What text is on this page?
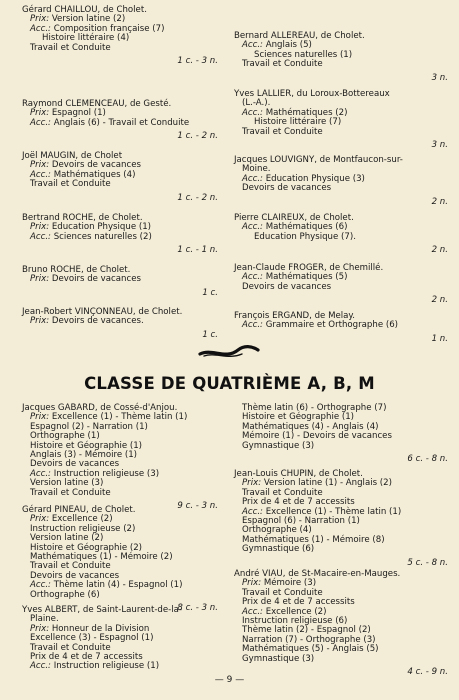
Gérard CHAILLOU, de Cholet.
Prix: Version latine (2)
Acc.: Composition française (7)
Histoire littéraire (4)
Travail et Conduite
1 c. - 3 n.
Raymond CLEMENCEAU, de Gesté.
Prix: Espagnol (1)
Acc.: Anglais (6) - Travail et Conduite
1 c. - 2 n.
Joël MAUGIN, de Cholet
Prix: Devoirs de vacances
Acc.: Mathématiques (4)
Travail et Conduite
1 c. - 2 n.
Bertrand ROCHE, de Cholet.
Prix: Education Physique (1)
Acc.: Sciences naturelles (2)
1 c. - 1 n.
Bruno ROCHE, de Cholet.
Prix: Devoirs de vacances
1 c.
Jean-Robert VINÇONNEAU, de Cholet.
Prix: Devoirs de vacances.
1 c.
Bernard ALLEREAU, de Cholet.
Acc.: Anglais (5)
Sciences naturelles (1)
Travail et Conduite
3 n.
Yves LALLIER, du Loroux-Bottereaux
(L.-A.).
Acc.: Mathématiques (2)
Histoire littéraire (7)
Travail et Conduite
3 n.
Jacques LOUVIGNY, de Montfaucon-sur-
Moine.
Acc.: Education Physique (3)
Devoirs de vacances
2 n.
Pierre CLAIREUX, de Cholet.
Acc.: Mathématiques (6)
Education Physique (7).
2 n.
Jean-Claude FROGER, de Chemillé.
Acc.: Mathématiques (5)
Devoirs de vacances
2 n.
François ERGAND, de Melay.
Acc.: Grammaire et Orthographe (6)
1 n.
CLASSE DE QUATRIÈME A, B, M
Jacques GABARD, de Cossé-d'Anjou.
Prix: Excellence (1) - Thème latin (1)
Espagnol (2) - Narration (1)
Orthographe (1)
Histoire et Géographie (1)
Anglais (3) - Mémoire (1)
Devoirs de vacances
Acc.: Instruction religieuse (3)
Version latine (3)
Travail et Conduite
9 c. - 3 n.
Gérard PINEAU, de Cholet.
Prix: Excellence (2)
Instruction religieuse (2)
Version latine (2)
Histoire et Géographie (2)
Mathématiques (1) - Mémoire (2)
Travail et Conduite
Devoirs de vacances
Acc.: Thème latin (4) - Espagnol (1)
Orthographe (6)
8 c. - 3 n.
Yves ALBERT, de Saint-Laurent-de-la-
Plaine.
Prix: Honneur de la Division
Excellence (3) - Espagnol (1)
Travail et Conduite
Prix de 4 et de 7 accessits
Acc.: Instruction religieuse (1)
Thème latin (6) - Orthographe (7)
Histoire et Géographie (1)
Mathématiques (4) - Anglais (4)
Mémoire (1) - Devoirs de vacances
Gymnastique (3)
6 c. - 8 n.
Jean-Louis CHUPIN, de Cholet.
Prix: Version latine (1) - Anglais (2)
Travail et Conduite
Prix de 4 et de 7 accessits
Acc.: Excellence (1) - Thème latin (1)
Espagnol (6) - Narration (1)
Orthographe (4)
Mathématiques (1) - Mémoire (8)
Gymnastique (6)
5 c. - 8 n.
André VIAU, de St-Macaire-en-Mauges.
Prix: Mémoire (3)
Travail et Conduite
Prix de 4 et de 7 accessits
Acc.: Excellence (2)
Instruction religieuse (6)
Thème latin (2) - Espagnol (2)
Narration (7) - Orthographe (3)
Mathématiques (5) - Anglais (5)
Gymnastique (3)
4 c. - 9 n.
— 9 —
